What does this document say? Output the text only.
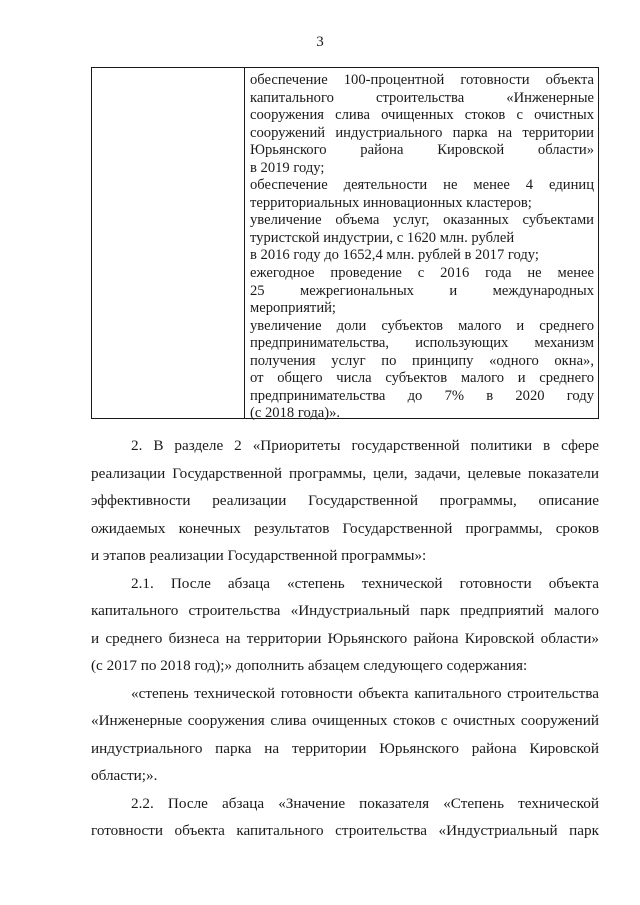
3
обеспечение 100-процентной готовности объекта
капитального строительства «Инженерные
сооружения слива очищенных стоков с очистных
сооружений индустриального парка на территории
Юрьянского района Кировской области»
в 2019 году;
обеспечение деятельности не менее 4 единиц
территориальных инновационных кластеров;
увеличение объема услуг, оказанных субъектами
туристской индустрии, с 1620 млн. рублей
в 2016 году до 1652,4 млн. рублей в 2017 году;
ежегодное проведение с 2016 года не менее
25 межрегиональных и международных
мероприятий;
увеличение доли субъектов малого и среднего
предпринимательства, использующих механизм
получения услуг по принципу «одного окна»,
от общего числа субъектов малого и среднего
предпринимательства до 7% в 2020 году
(с 2018 года)».
2. В разделе 2 «Приоритеты государственной политики в сфере
реализации Государственной программы, цели, задачи, целевые показатели
эффективности реализации Государственной программы, описание
ожидаемых конечных результатов Государственной программы, сроков
и этапов реализации Государственной программы»:
2.1. После абзаца «степень технической готовности объекта
капитального строительства «Индустриальный парк предприятий малого
и среднего бизнеса на территории Юрьянского района Кировской области»
(с 2017 по 2018 год);» дополнить абзацем следующего содержания:
«степень технической готовности объекта капитального строительства
«Инженерные сооружения слива очищенных стоков с очистных сооружений
индустриального парка на территории Юрьянского района Кировской
области;».
2.2. После абзаца «Значение показателя «Степень технической
готовности объекта капитального строительства «Индустриальный парк
